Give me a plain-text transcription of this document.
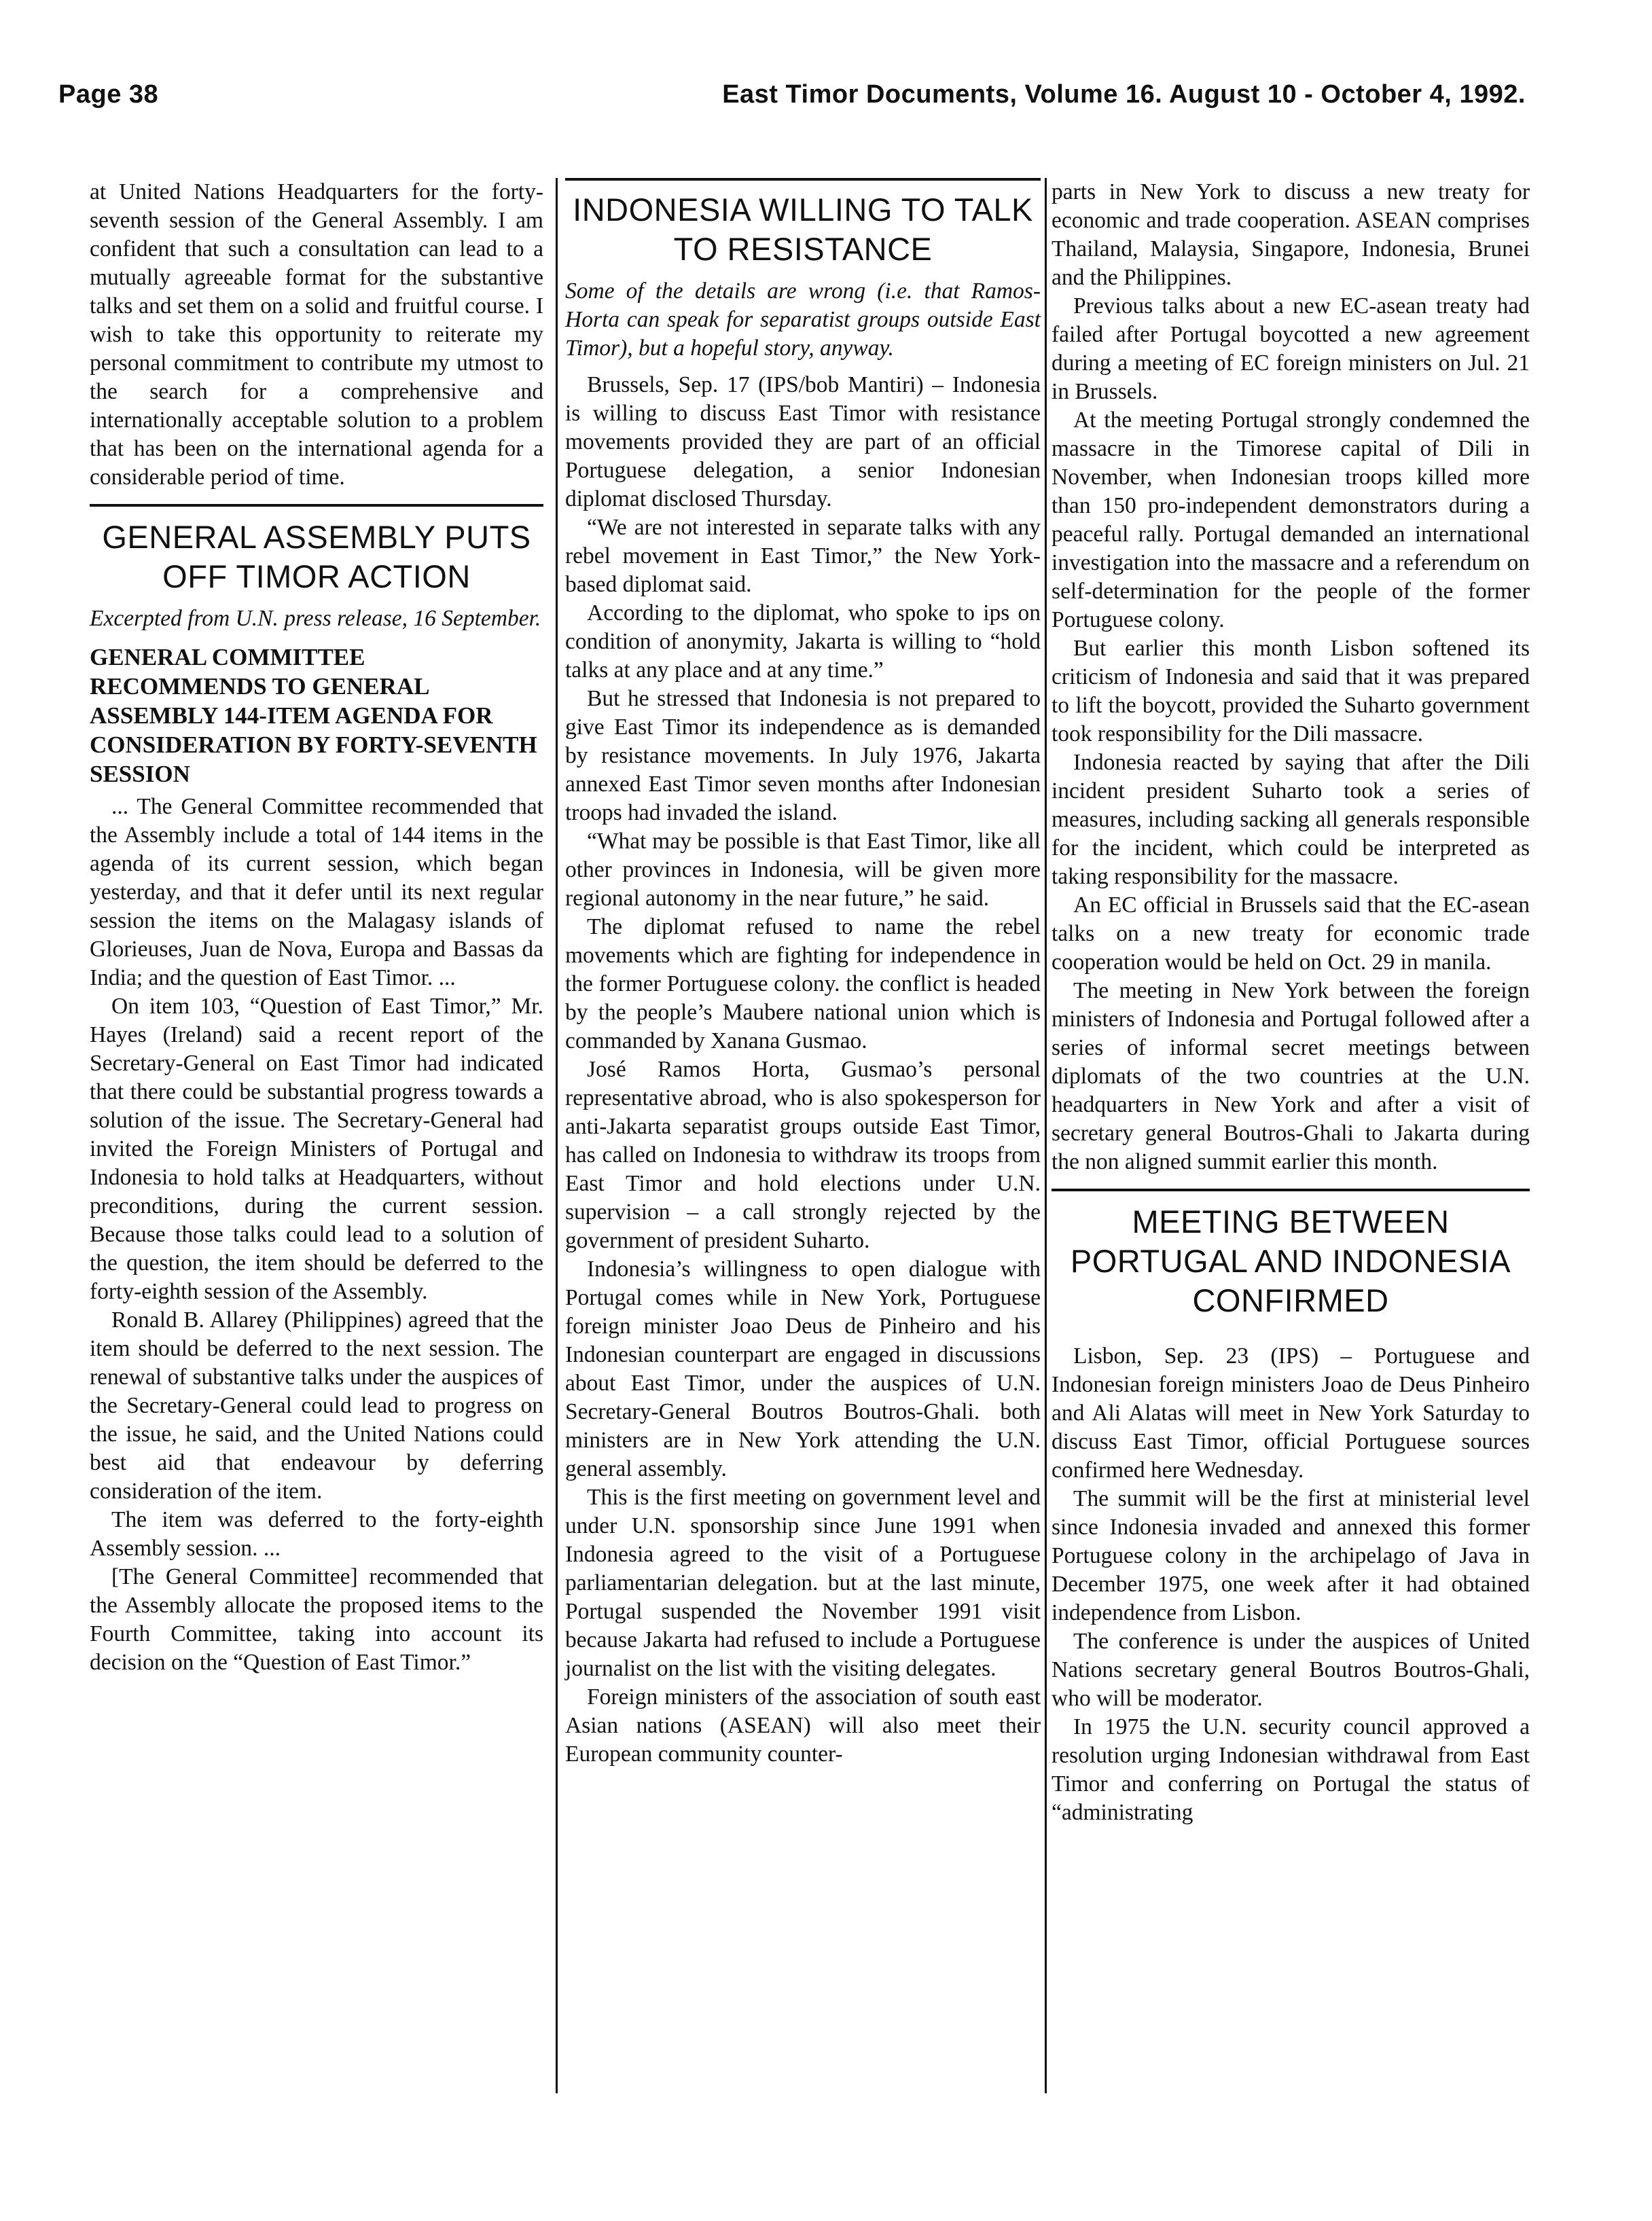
Page 38	East Timor Documents, Volume 16. August 10 - October 4, 1992.

at United Nations Headquarters for the forty-seventh session of the General Assembly. I am confident that such a consultation can lead to a mutually agreeable format for the substantive talks and set them on a solid and fruitful course. I wish to take this opportunity to reiterate my personal commitment to contribute my utmost to the search for a comprehensive and internationally acceptable solution to a problem that has been on the international agenda for a considerable period of time.

GENERAL ASSEMBLY PUTS OFF TIMOR ACTION

Excerpted from U.N. press release, 16 September.

GENERAL COMMITTEE RECOMMENDS TO GENERAL ASSEMBLY 144-ITEM AGENDA FOR CONSIDERATION BY FORTY-SEVENTH SESSION

... The General Committee recommended that the Assembly include a total of 144 items in the agenda of its current session, which began yesterday, and that it defer until its next regular session the items on the Malagasy islands of Glorieuses, Juan de Nova, Europa and Bassas da India; and the question of East Timor. ...

On item 103, “Question of East Timor,” Mr. Hayes (Ireland) said a recent report of the Secretary-General on East Timor had indicated that there could be substantial progress towards a solution of the issue. The Secretary-General had invited the Foreign Ministers of Portugal and Indonesia to hold talks at Headquarters, without preconditions, during the current session. Because those talks could lead to a solution of the question, the item should be deferred to the forty-eighth session of the Assembly.

Ronald B. Allarey (Philippines) agreed that the item should be deferred to the next session. The renewal of substantive talks under the auspices of the Secretary-General could lead to progress on the issue, he said, and the United Nations could best aid that endeavour by deferring consideration of the item.

The item was deferred to the forty-eighth Assembly session. ...

[The General Committee] recommended that the Assembly allocate the proposed items to the Fourth Committee, taking into account its decision on the “Question of East Timor.”

INDONESIA WILLING TO TALK TO RESISTANCE

Some of the details are wrong (i.e. that Ramos-Horta can speak for separatist groups outside East Timor), but a hopeful story, anyway.

Brussels, Sep. 17 (IPS/bob Mantiri) – Indonesia is willing to discuss East Timor with resistance movements provided they are part of an official Portuguese delegation, a senior Indonesian diplomat disclosed Thursday.

“We are not interested in separate talks with any rebel movement in East Timor,” the New York-based diplomat said.

According to the diplomat, who spoke to ips on condition of anonymity, Jakarta is willing to “hold talks at any place and at any time.”

But he stressed that Indonesia is not prepared to give East Timor its independence as is demanded by resistance movements. In July 1976, Jakarta annexed East Timor seven months after Indonesian troops had invaded the island.

“What may be possible is that East Timor, like all other provinces in Indonesia, will be given more regional autonomy in the near future,” he said.

The diplomat refused to name the rebel movements which are fighting for independence in the former Portuguese colony. the conflict is headed by the people’s Maubere national union which is commanded by Xanana Gusmao.

José Ramos Horta, Gusmao’s personal representative abroad, who is also spokesperson for anti-Jakarta separatist groups outside East Timor, has called on Indonesia to withdraw its troops from East Timor and hold elections under U.N. supervision – a call strongly rejected by the government of president Suharto.

Indonesia’s willingness to open dialogue with Portugal comes while in New York, Portuguese foreign minister Joao Deus de Pinheiro and his Indonesian counterpart are engaged in discussions about East Timor, under the auspices of U.N. Secretary-General Boutros Boutros-Ghali. both ministers are in New York attending the U.N. general assembly.

This is the first meeting on government level and under U.N. sponsorship since June 1991 when Indonesia agreed to the visit of a Portuguese parliamentarian delegation. but at the last minute, Portugal suspended the November 1991 visit because Jakarta had refused to include a Portuguese journalist on the list with the visiting delegates.

Foreign ministers of the association of south east Asian nations (ASEAN) will also meet their European community counter-

parts in New York to discuss a new treaty for economic and trade cooperation. ASEAN comprises Thailand, Malaysia, Singapore, Indonesia, Brunei and the Philippines.

Previous talks about a new EC-asean treaty had failed after Portugal boycotted a new agreement during a meeting of EC foreign ministers on Jul. 21 in Brussels.

At the meeting Portugal strongly condemned the massacre in the Timorese capital of Dili in November, when Indonesian troops killed more than 150 pro-independent demonstrators during a peaceful rally. Portugal demanded an international investigation into the massacre and a referendum on self-determination for the people of the former Portuguese colony.

But earlier this month Lisbon softened its criticism of Indonesia and said that it was prepared to lift the boycott, provided the Suharto government took responsibility for the Dili massacre.

Indonesia reacted by saying that after the Dili incident president Suharto took a series of measures, including sacking all generals responsible for the incident, which could be interpreted as taking responsibility for the massacre.

An EC official in Brussels said that the EC-asean talks on a new treaty for economic trade cooperation would be held on Oct. 29 in manila.

The meeting in New York between the foreign ministers of Indonesia and Portugal followed after a series of informal secret meetings between diplomats of the two countries at the U.N. headquarters in New York and after a visit of secretary general Boutros-Ghali to Jakarta during the non aligned summit earlier this month.

MEETING BETWEEN PORTUGAL AND INDONESIA CONFIRMED

Lisbon, Sep. 23 (IPS) – Portuguese and Indonesian foreign ministers Joao de Deus Pinheiro and Ali Alatas will meet in New York Saturday to discuss East Timor, official Portuguese sources confirmed here Wednesday.

The summit will be the first at ministerial level since Indonesia invaded and annexed this former Portuguese colony in the archipelago of Java in December 1975, one week after it had obtained independence from Lisbon.

The conference is under the auspices of United Nations secretary general Boutros Boutros-Ghali, who will be moderator.

In 1975 the U.N. security council approved a resolution urging Indonesian withdrawal from East Timor and conferring on Portugal the status of “administrating
